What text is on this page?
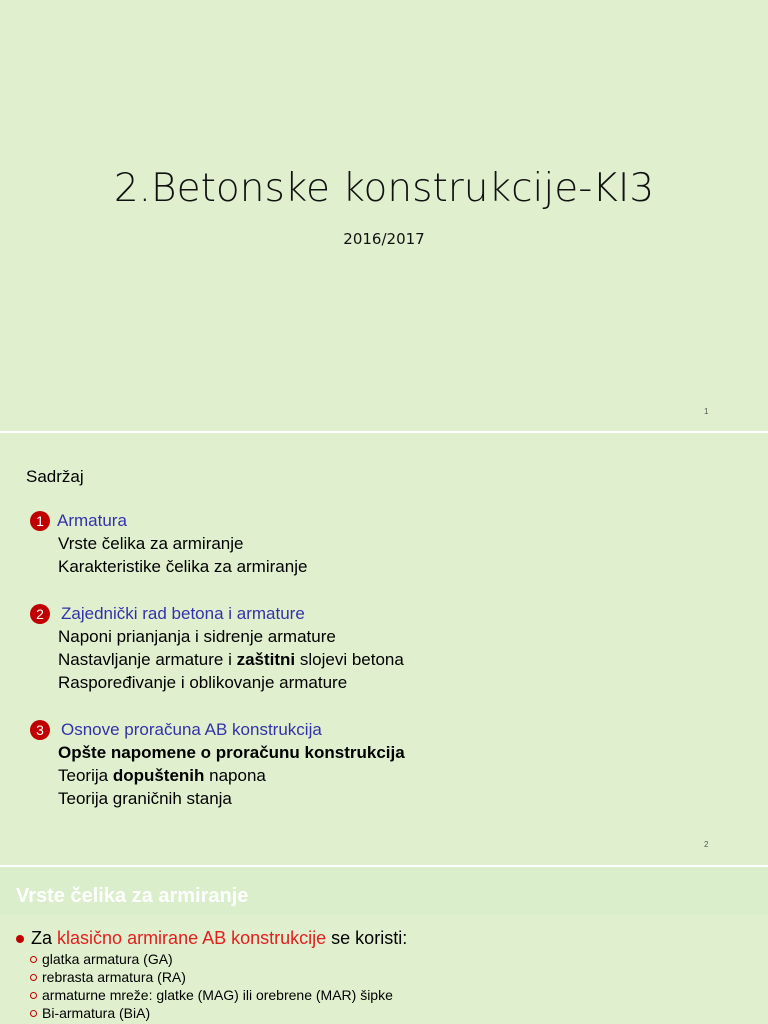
2.Betonske konstrukcije-KI3
2016/2017
1
Sadržaj
1 Armatura
Vrste čelika za armiranje
Karakteristike čelika za armiranje
2	Zajednički rad betona i armature
Naponi prianjanja i sidrenje armature
Nastavljanje armature i zaštitni slojevi betona
Raspoređivanje i oblikovanje armature
3	Osnove proračuna AB konstrukcija
Opšte napomene o proračunu konstrukcija
Teorija dopuštenih napona
Teorija graničnih stanja
2
Vrste čelika za armiranje
Za
klasično armirane AB konstrukcije
se koristi:
glatka armatura (GA)
rebrasta armatura (RA)
armaturne mreže: glatke (MAG) ili orebrene (MAR) šipke
Bi-armatura (BiA)
